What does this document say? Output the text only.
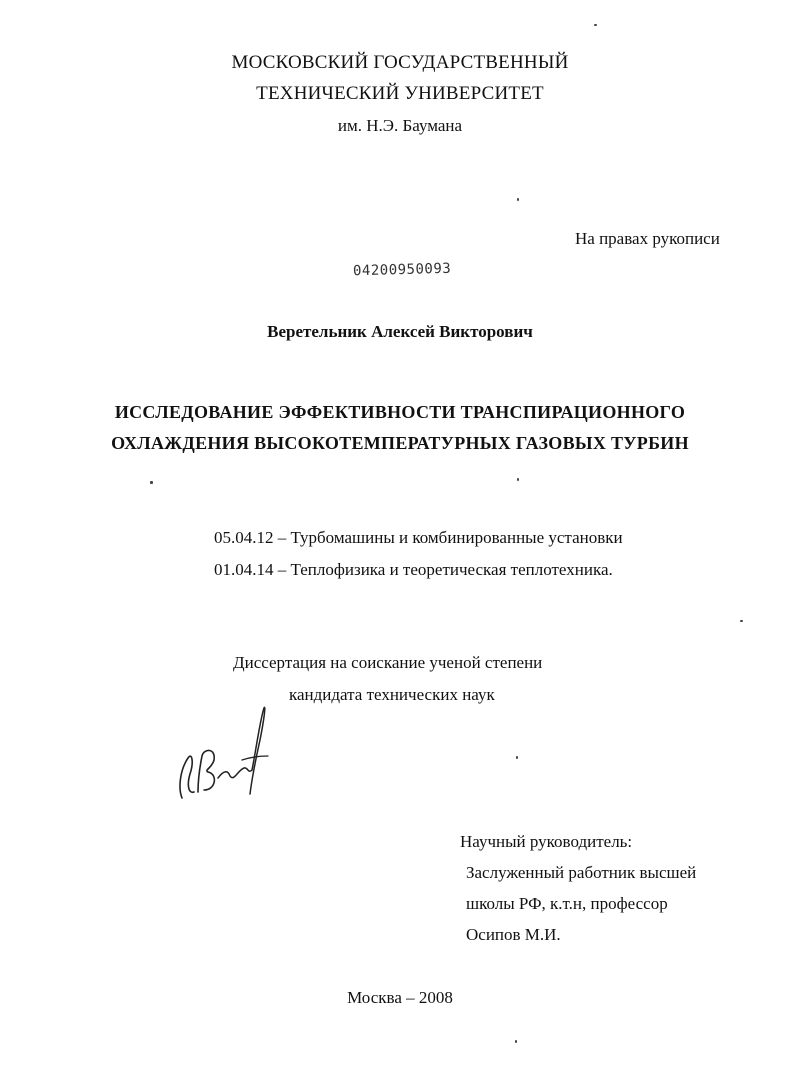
МОСКОВСКИЙ ГОСУДАРСТВЕННЫЙ
ТЕХНИЧЕСКИЙ УНИВЕРСИТЕТ
им. Н.Э. Баумана
На правах рукописи
04200950093
Веретельник Алексей Викторович
ИССЛЕДОВАНИЕ ЭФФЕКТИВНОСТИ ТРАНСПИРАЦИОННОГО
ОХЛАЖДЕНИЯ ВЫСОКОТЕМПЕРАТУРНЫХ ГАЗОВЫХ ТУРБИН
05.04.12 – Турбомашины и комбинированные установки
01.04.14 – Теплофизика и теоретическая теплотехника.
Диссертация на соискание ученой степени
кандидата технических наук
Научный руководитель:
Заслуженный работник высшей
школы РФ, к.т.н, профессор
Осипов М.И.
Москва – 2008
